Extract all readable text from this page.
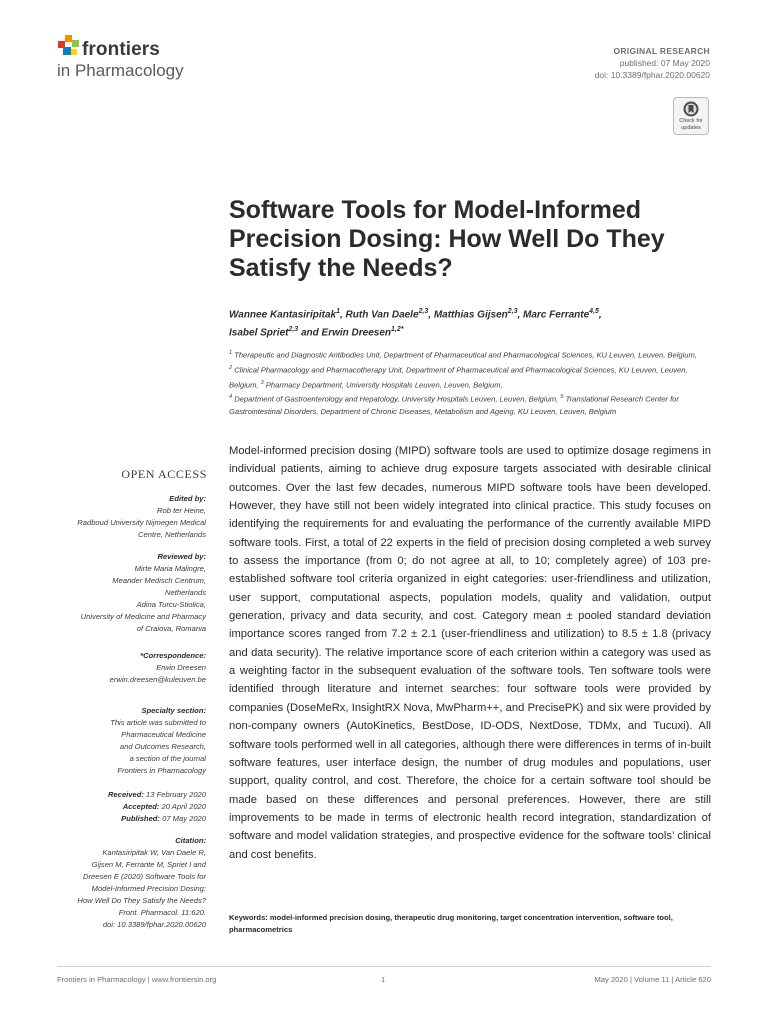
frontiers
in Pharmacology
ORIGINAL RESEARCH
published: 07 May 2020
doi: 10.3389/fphar.2020.00620
Check for
updates
Software Tools for Model-Informed Precision Dosing: How Well Do They Satisfy the Needs?
Wannee Kantasiripitak$^1$, Ruth Van Daele$^{2,3}$, Matthias Gijsen$^{2,3}$, Marc Ferrante$^{4,5}$,
Isabel Spriet$^{2,3}$ and Erwin Dreesen$^{1,2*}$
$^1$ Therapeutic and Diagnostic Antibodies Unit, Department of Pharmaceutical and Pharmacological Sciences, KU Leuven, Leuven, Belgium, $^2$ Clinical Pharmacology and Pharmacotherapy Unit, Department of Pharmaceutical and Pharmacological Sciences, KU Leuven, Leuven, Belgium, $^3$ Pharmacy Department, University Hospitals Leuven, Leuven, Belgium,
$^4$ Department of Gastroenterology and Hepatology, University Hospitals Leuven, Leuven, Belgium, $^5$ Translational Research Center for Gastrointestinal Disorders, Department of Chronic Diseases, Metabolism and Ageing, KU Leuven, Leuven, Belgium
OPEN ACCESS
Edited by:
Rob ter Heine,
Radboud University Nijmegen Medical
Centre, Netherlands
Reviewed by:
Mirte Maria Malingre,
Meander Medisch Centrum,
Netherlands
Adina Turcu-Stiolica,
University of Medicine and Pharmacy
of Craiova, Romania
*Correspondence:
Erwin Dreesen
erwin.dreesen@kuleuven.be
Specialty section:
This article was submitted to
Pharmaceutical Medicine
and Outcomes Research,
a section of the journal
Frontiers in Pharmacology
Received: 13 February 2020
Accepted: 20 April 2020
Published: 07 May 2020
Citation:
Kantasiripitak W, Van Daele R,
Gijsen M, Ferrante M, Spriet I and
Dreesen E (2020) Software Tools for
Model-Informed Precision Dosing:
How Well Do They Satisfy the Needs?
Front. Pharmacol. 11:620.
doi: 10.3389/fphar.2020.00620
Model-informed precision dosing (MIPD) software tools are used to optimize dosage regimens in individual patients, aiming to achieve drug exposure targets associated with desirable clinical outcomes. Over the last few decades, numerous MIPD software tools have been developed. However, they have still not been widely integrated into clinical practice. This study focuses on identifying the requirements for and evaluating the performance of the currently available MIPD software tools. First, a total of 22 experts in the field of precision dosing completed a web survey to assess the importance (from 0; do not agree at all, to 10; completely agree) of 103 pre-established software tool criteria organized in eight categories: user-friendliness and utilization, user support, computational aspects, population models, quality and validation, output generation, privacy and data security, and cost. Category mean ± pooled standard deviation importance scores ranged from 7.2 ± 2.1 (user-friendliness and utilization) to 8.5 ± 1.8 (privacy and data security). The relative importance score of each criterion within a category was used as a weighting factor in the subsequent evaluation of the software tools. Ten software tools were identified through literature and internet searches: four software tools were provided by companies (DoseMeRx, InsightRX Nova, MwPharm++, and PrecisePK) and six were provided by non-company owners (AutoKinetics, BestDose, ID-ODS, NextDose, TDMx, and Tucuxi). All software tools performed well in all categories, although there were differences in terms of in-built software features, user interface design, the number of drug modules and populations, user support, quality control, and cost. Therefore, the choice for a certain software tool should be made based on these differences and personal preferences. However, there are still improvements to be made in terms of electronic health record integration, standardization of software and model validation strategies, and prospective evidence for the software tools’ clinical and cost benefits.
Keywords: model-informed precision dosing, therapeutic drug monitoring, target concentration intervention, software tool, pharmacometrics
Frontiers in Pharmacology | www.frontiersin.org	1	May 2020 | Volume 11 | Article 620
